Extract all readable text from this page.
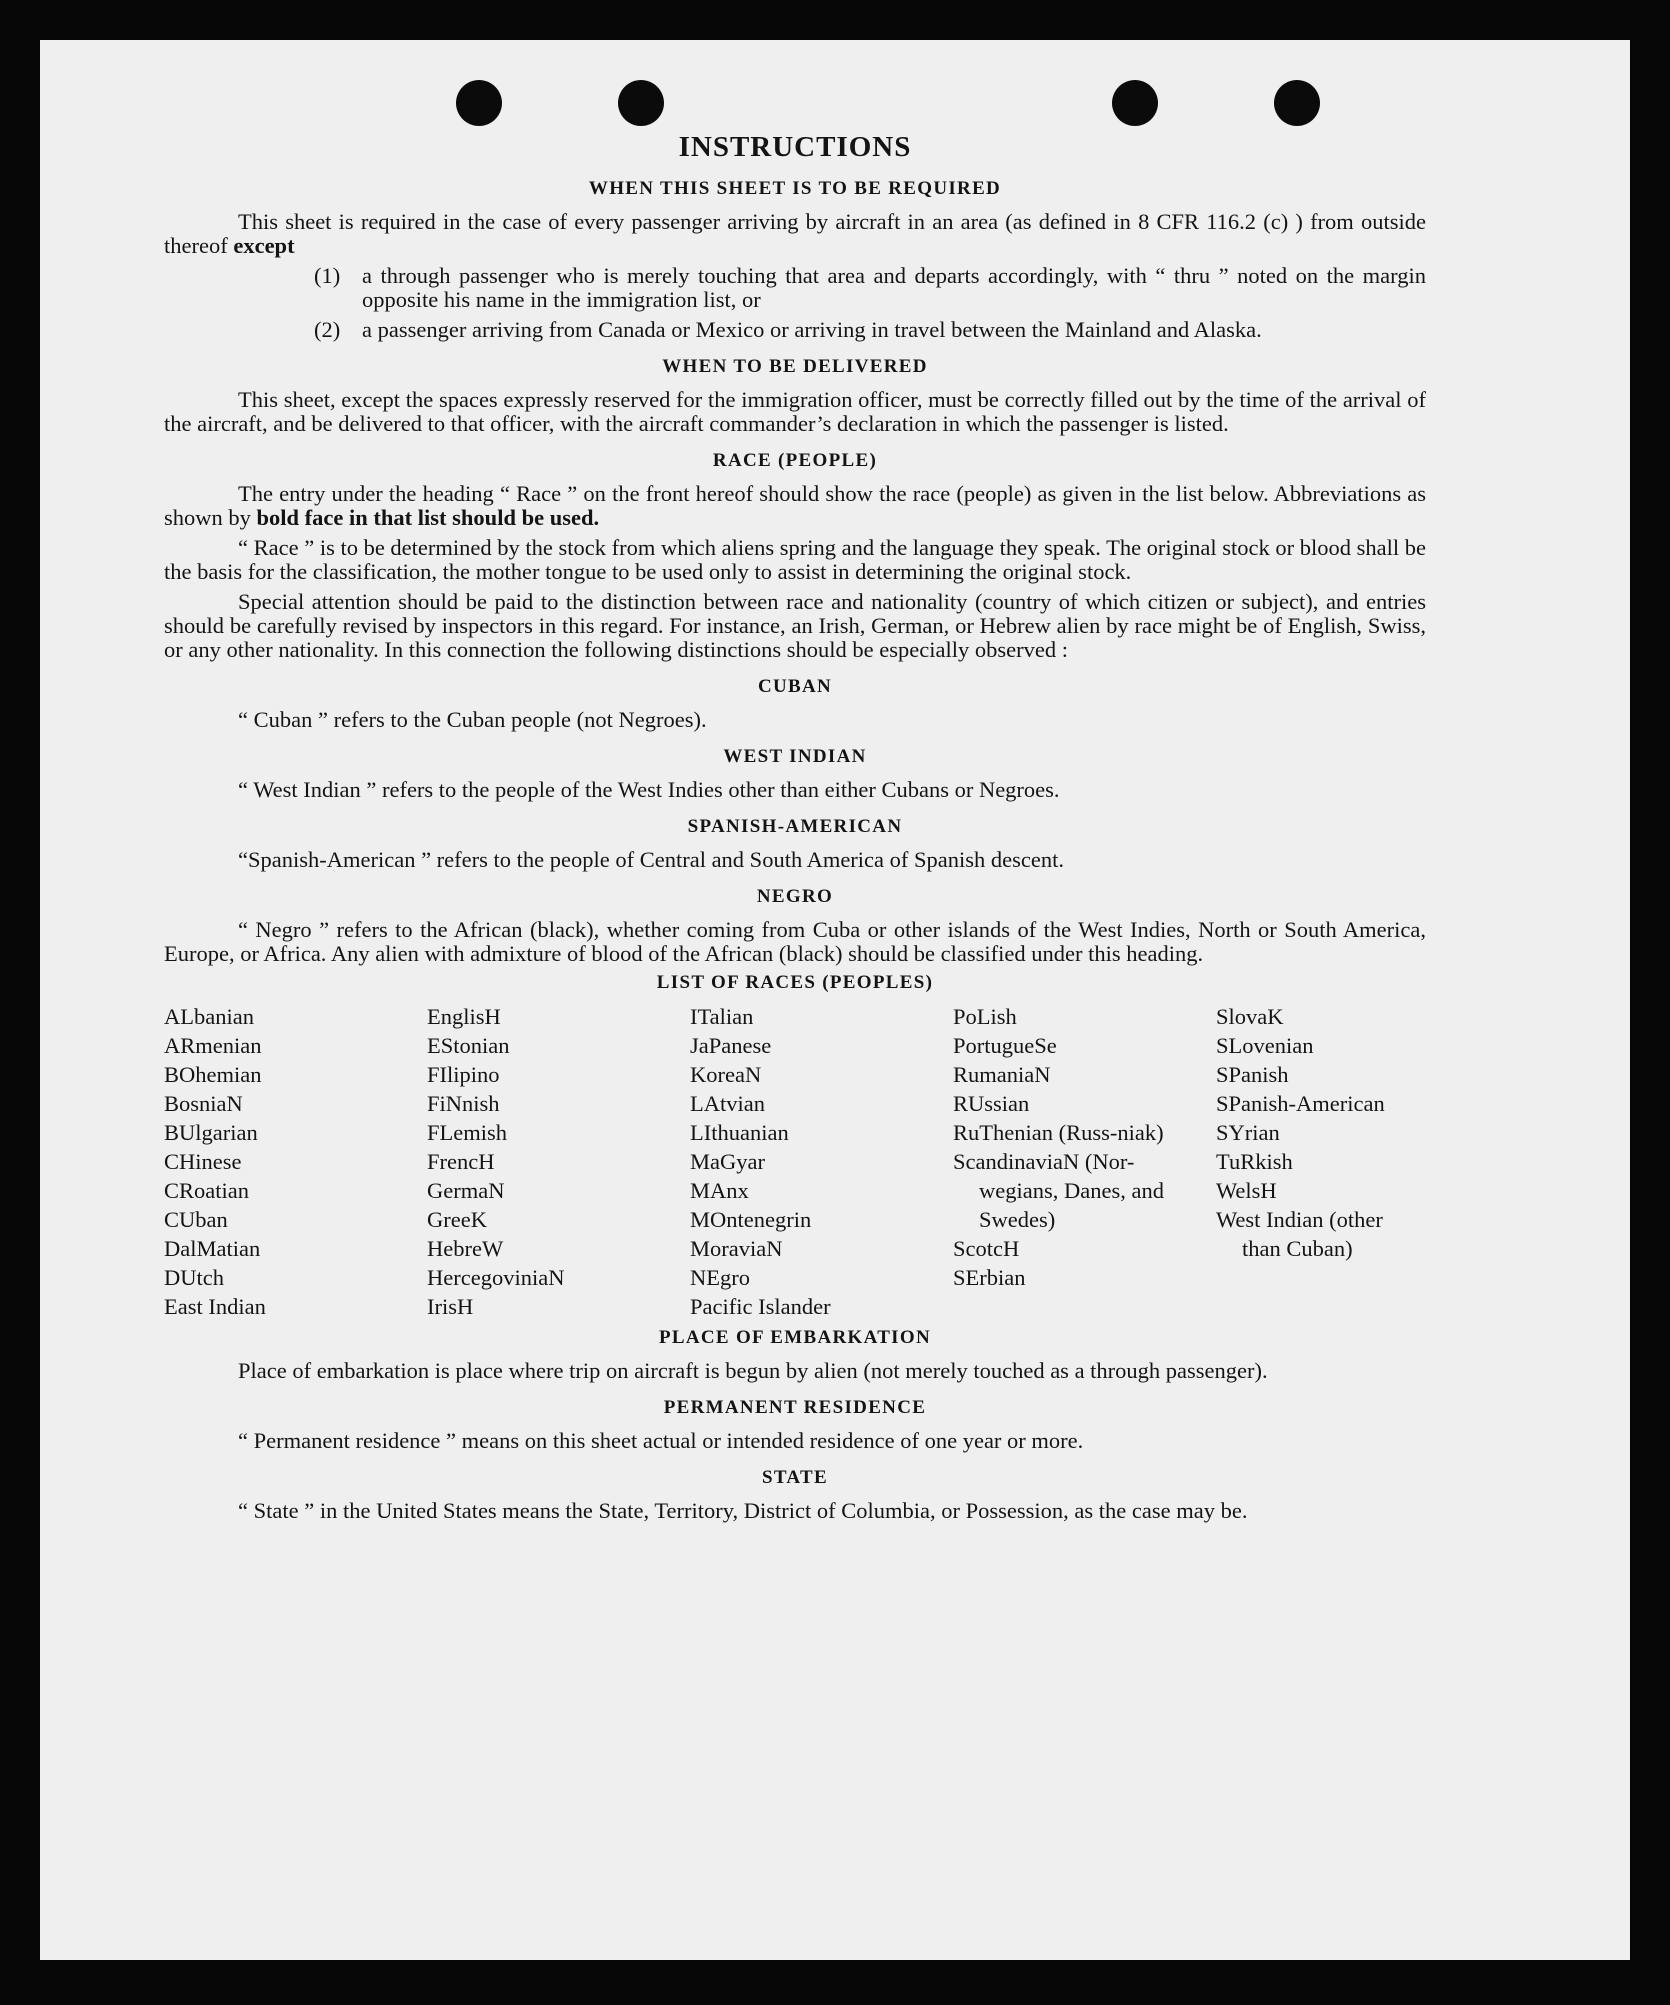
INSTRUCTIONS
WHEN THIS SHEET IS TO BE REQUIRED

This sheet is required in the case of every passenger arriving by aircraft in an area (as defined in 8 CFR 116.2 (c) ) from outside thereof except

(1) a through passenger who is merely touching that area and departs accordingly, with “ thru ” noted on the margin opposite his name in the immigration list, or
(2) a passenger arriving from Canada or Mexico or arriving in travel between the Mainland and Alaska.
WHEN TO BE DELIVERED

This sheet, except the spaces expressly reserved for the immigration officer, must be correctly filled out by the time of the arrival of the aircraft, and be delivered to that officer, with the aircraft commander’s declaration in which the passenger is listed.

RACE (PEOPLE)

The entry under the heading “ Race ” on the front hereof should show the race (people) as given in the list below. Abbreviations as shown by bold face in that list should be used.

“ Race ” is to be determined by the stock from which aliens spring and the language they speak. The original stock or blood shall be the basis for the classification, the mother tongue to be used only to assist in determining the original stock.

Special attention should be paid to the distinction between race and nationality (country of which citizen or subject), and entries should be carefully revised by inspectors in this regard. For instance, an Irish, German, or Hebrew alien by race might be of English, Swiss, or any other nationality. In this connection the following distinctions should be especially observed :

CUBAN

“ Cuban ” refers to the Cuban people (not Negroes).

WEST INDIAN

“ West Indian ” refers to the people of the West Indies other than either Cubans or Negroes.

SPANISH-AMERICAN

“Spanish-American ” refers to the people of Central and South America of Spanish descent.

NEGRO

“ Negro ” refers to the African (black), whether coming from Cuba or other islands of the West Indies, North or South America, Europe, or Africa. Any alien with admixture of blood of the African (black) should be classified under this heading.

LIST OF RACES (PEOPLES)
ALbanian
ARmenian
BOhemian
BosniaN
BUlgarian
CHinese
CRoatian
CUban
DalMatian
DUtch
East Indian
EnglisH
EStonian
FIlipino
FiNnish
FLemish
FrencH
GermaN
GreeK
HebreW
HercegoviniaN
IrisH
ITalian
JaPanese
KoreaN
LAtvian
LIthuanian
MaGyar
MAnx
MOntenegrin
MoraviaN
NEgro
Pacific Islander
PoLish
PortugueSe
RumaniaN
RUssian
RuThenian (Russ-niak)
ScandinaviaN (Nor-wegians, Danes, and Swedes)
ScotcH
SErbian
SlovaK
SLovenian
SPanish
SPanish-American
SYrian
TuRkish
WelsH
West Indian (other than Cuban)
PLACE OF EMBARKATION

Place of embarkation is place where trip on aircraft is begun by alien (not merely touched as a through passenger).

PERMANENT RESIDENCE

“ Permanent residence ” means on this sheet actual or intended residence of one year or more.

STATE

“ State ” in the United States means the State, Territory, District of Columbia, or Possession, as the case may be.
